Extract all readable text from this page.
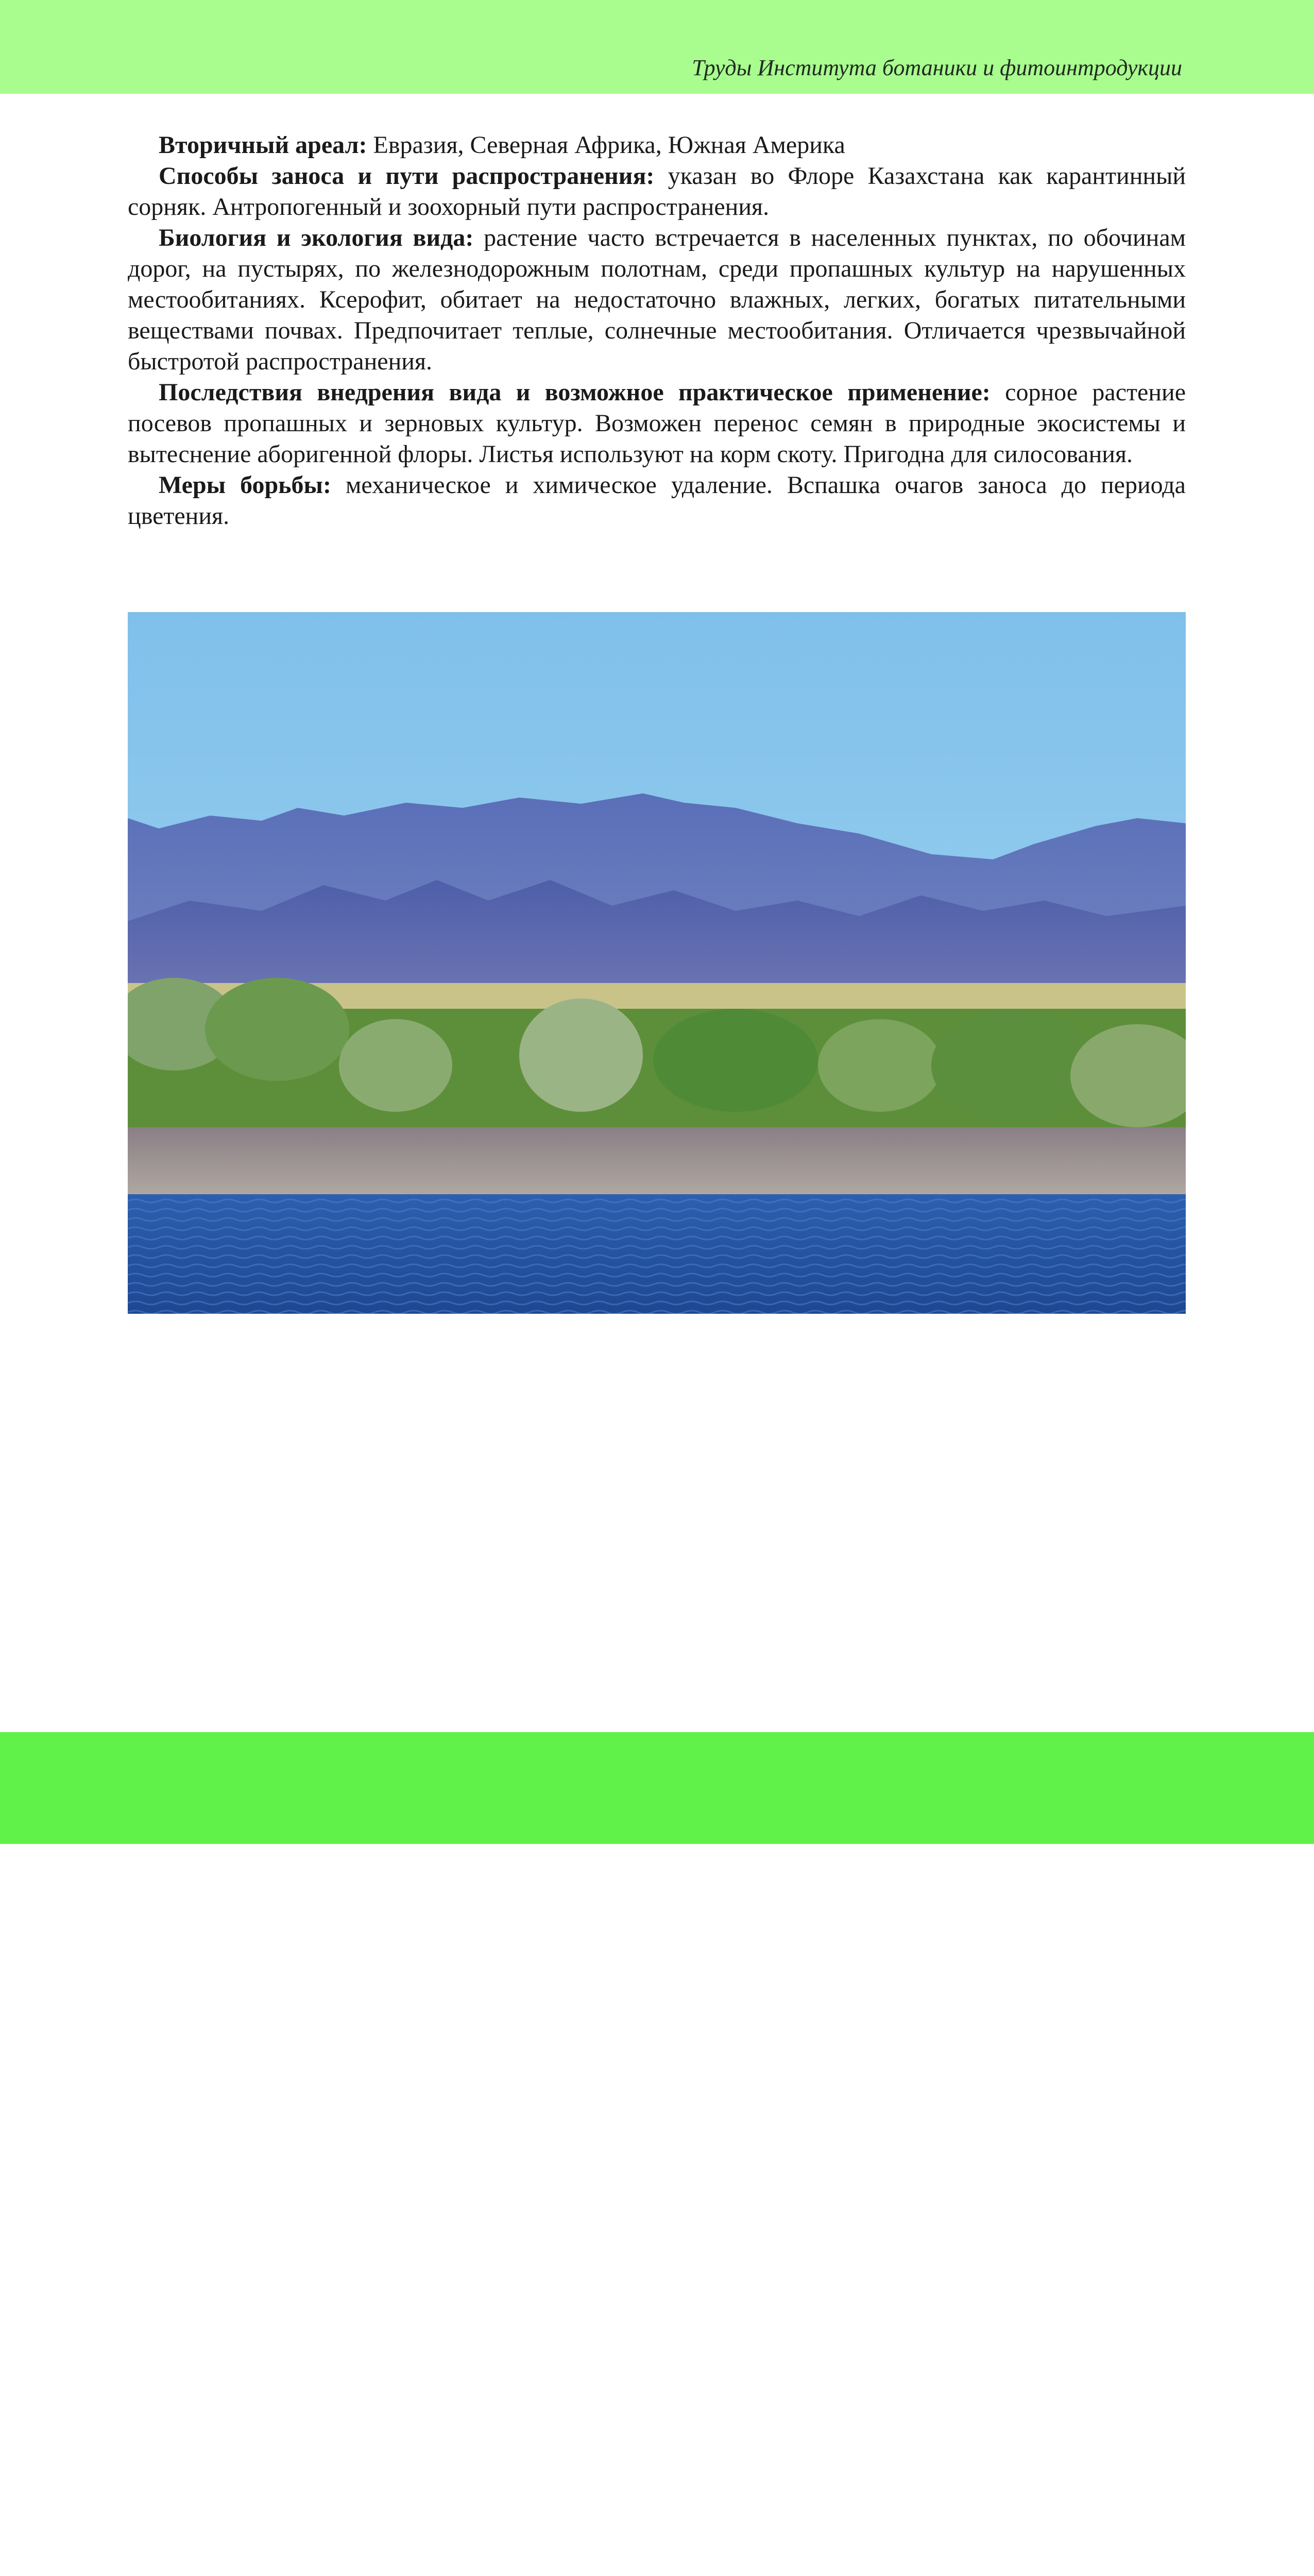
Труды Института ботаники и фитоинтродукции

Вторичный ареал: Евразия, Северная Африка, Южная Америка

Способы заноса и пути распространения: указан во Флоре Казахстана как карантинный сорняк. Антропогенный и зоохорный пути распространения.

Биология и экология вида: растение часто встречается в населенных пунктах, по обочинам дорог, на пустырях, по железнодорожным полотнам, среди пропашных культур на нарушенных местообитаниях. Ксерофит, обитает на недостаточно влажных, легких, богатых питательными веществами почвах. Предпочитает теплые, солнечные местообитания. Отличается чрезвычайной быстротой распространения.

Последствия внедрения вида и возможное практическое применение: сорное растение посевов пропашных и зерновых культур. Возможен перенос семян в природные экосистемы и вытеснение аборигенной флоры. Листья используют на корм скоту. Пригодна для силосования.

Меры борьбы: механическое и химическое удаление. Вспашка очагов заноса до периода цветения.
